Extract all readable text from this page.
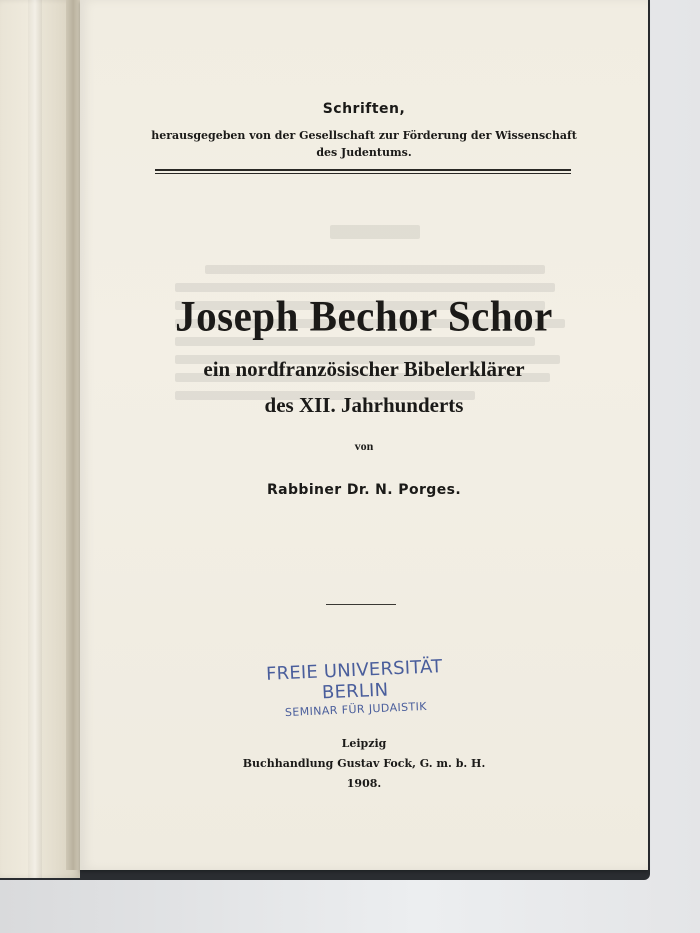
Schriften,
herausgegeben von der Gesellschaft zur Förderung der Wissenschaft
des Judentums.
Joseph Bechor Schor
ein nordfranzösischer Bibelerklärer
des XII. Jahrhunderts
von
Rabbiner Dr. N. Porges.
FREIE UNIVERSITÄT BERLIN
SEMINAR FÜR JUDAISTIK
Leipzig
Buchhandlung Gustav Fock, G. m. b. H.
1908.
